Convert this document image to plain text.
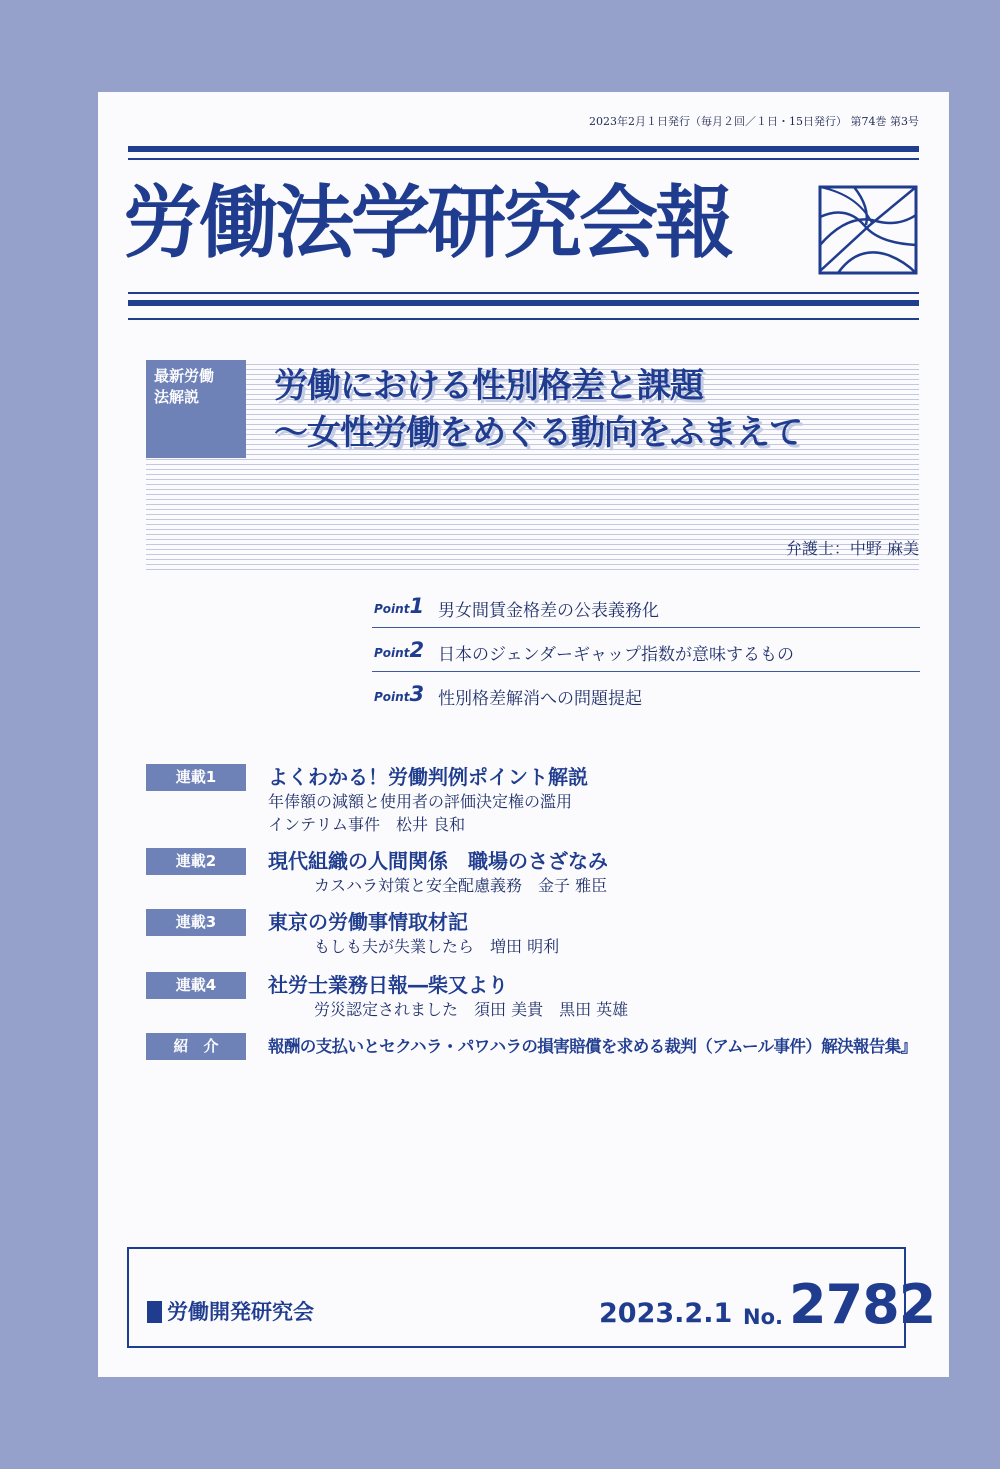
2023年2月１日発行（毎月２回／１日・15日発行） 第74巻 第3号
労働法学研究会報
最新労働
法解説	労働における性別格差と課題
〜女性労働をめぐる動向をふまえて
弁護士：中野 麻美
Point1 男女間賃金格差の公表義務化
Point2 日本のジェンダーギャップ指数が意味するもの
Point3 性別格差解消への問題提起
連載1	よくわかる！労働判例ポイント解説
年俸額の減額と使用者の評価決定権の濫用
インテリム事件　松井 良和
連載2	現代組織の人間関係　職場のさざなみ
カスハラ対策と安全配慮義務　金子 雅臣
連載3	東京の労働事情取材記
もしも夫が失業したら　増田 明利
連載4	社労士業務日報―柴又より
労災認定されました　須田 美貴　黒田 英雄
紹　介	報酬の支払いとセクハラ・パワハラの損害賠償を求める裁判（アムール事件）解決報告集』
労働開発研究会	2023.2.1 No. 2782
